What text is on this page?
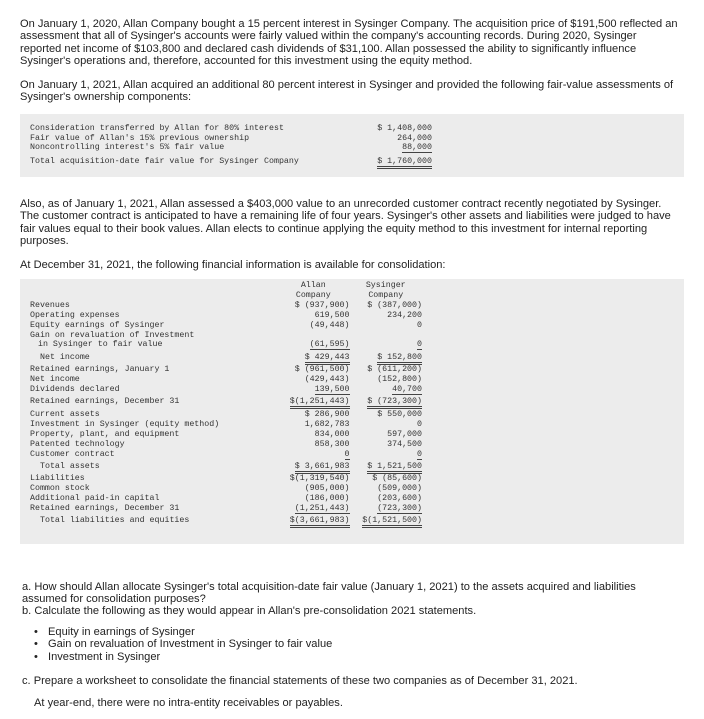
On January 1, 2020, Allan Company bought a 15 percent interest in Sysinger Company. The acquisition price of $191,500 reflected an assessment that all of Sysinger's accounts were fairly valued within the company's accounting records. During 2020, Sysinger reported net income of $103,800 and declared cash dividends of $31,100. Allan possessed the ability to significantly influence Sysinger's operations and, therefore, accounted for this investment using the equity method.

On January 1, 2021, Allan acquired an additional 80 percent interest in Sysinger and provided the following fair-value assessments of Sysinger's ownership components:

Consideration transferred by Allan for 80% interest	$ 1,408,000
Fair value of Allan's 15% previous ownership	264,000
Noncontrolling interest's 5% fair value	88,000
Total acquisition-date fair value for Sysinger Company	$ 1,760,000

Also, as of January 1, 2021, Allan assessed a $403,000 value to an unrecorded customer contract recently negotiated by Sysinger. The customer contract is anticipated to have a remaining life of four years. Sysinger's other assets and liabilities were judged to have fair values equal to their book values. Allan elects to continue applying the equity method to this investment for internal reporting purposes.

At December 31, 2021, the following financial information is available for consolidation:

	Allan
Company	Sysinger
Company
Revenues	$ (937,900)	$ (387,000)
Operating expenses	619,500	234,200
Equity earnings of Sysinger	(49,448)	0
Gain on revaluation of Investment		
in Sysinger to fair value	(61,595)	0
Net income	$ 429,443	$ 152,800
Retained earnings, January 1	$ (961,500)	$ (611,200)
Net income	(429,443)	(152,800)
Dividends declared	139,500	40,700
Retained earnings, December 31	$(1,251,443)	$ (723,300)
Current assets	$ 286,900	$ 550,000
Investment in Sysinger (equity method)	1,682,783	0
Property, plant, and equipment	834,000	597,000
Patented technology	858,300	374,500
Customer contract	0	0
Total assets	$ 3,661,983	$ 1,521,500
Liabilities	$(1,319,540)	$ (85,600)
Common stock	(905,000)	(509,000)
Additional paid-in capital	(186,000)	(203,600)
Retained earnings, December 31	(1,251,443)	(723,300)
Total liabilities and equities	$(3,661,983)	$(1,521,500)

a. How should Allan allocate Sysinger's total acquisition-date fair value (January 1, 2021) to the assets acquired and liabilities assumed for consolidation purposes?

b. Calculate the following as they would appear in Allan's pre-consolidation 2021 statements.

• Equity in earnings of Sysinger
• Gain on revaluation of Investment in Sysinger to fair value
• Investment in Sysinger

c. Prepare a worksheet to consolidate the financial statements of these two companies as of December 31, 2021.

At year-end, there were no intra-entity receivables or payables.
